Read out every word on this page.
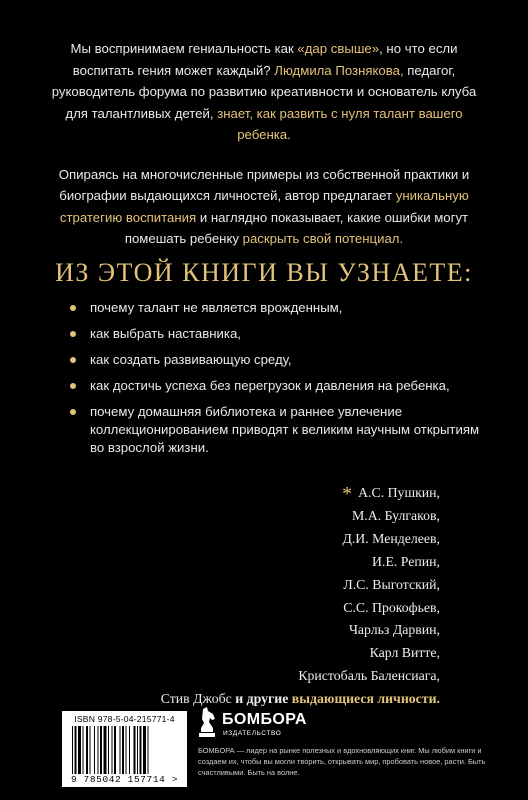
Мы воспринимаем гениальность как «дар свыше», но что если воспитать гения может каждый? Людмила Познякова, педагог, руководитель форума по развитию креативности и основатель клуба для талантливых детей, знает, как развить с нуля талант вашего ребенка.

Опираясь на многочисленные примеры из собственной практики и биографии выдающихся личностей, автор предлагает уникальную стратегию воспитания и наглядно показывает, какие ошибки могут помешать ребенку раскрыть свой потенциал.

ИЗ ЭТОЙ КНИГИ ВЫ УЗНАЕТЕ:
почему талант не является врожденным,
как выбрать наставника,
как создать развивающую среду,
как достичь успеха без перегрузок и давления на ребенка,
почему домашняя библиотека и раннее увлечение коллекционированием приводят к великим научным открытиям во взрослой жизни.
* А.С. Пушкин,
М.А. Булгаков,
Д.И. Менделеев,
И.Е. Репин,
Л.С. Выготский,
С.С. Прокофьев,
Чарльз Дарвин,
Карл Витте,
Кристобаль Баленсиага,
Стив Джобс и другие выдающиеся личности.
ISBN 978-5-04-215771-4
9 785042 157714 >
БОМБОРА
ИЗДАТЕЛЬСТВО
БОМБОРА — лидер на рынке полезных и вдохновляющих книг. Мы любим книги и создаем их, чтобы вы могли творить, открывать мир, пробовать новое, расти. Быть счастливыми. Быть на волне.
